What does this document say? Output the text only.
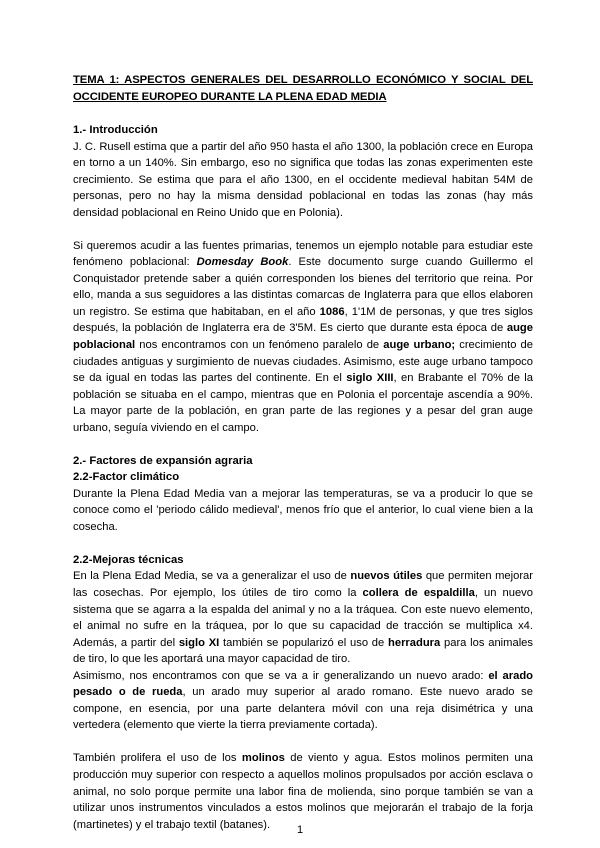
TEMA 1: ASPECTOS GENERALES DEL DESARROLLO ECONÓMICO Y SOCIAL DEL OCCIDENTE EUROPEO DURANTE LA PLENA EDAD MEDIA

1.- Introducción

J. C. Rusell estima que a partir del año 950 hasta el año 1300, la población crece en Europa en torno a un 140%. Sin embargo, eso no significa que todas las zonas experimenten este crecimiento. Se estima que para el año 1300, en el occidente medieval habitan 54M de personas, pero no hay la misma densidad poblacional en todas las zonas (hay más densidad poblacional en Reino Unido que en Polonia).

Si queremos acudir a las fuentes primarias, tenemos un ejemplo notable para estudiar este fenómeno poblacional: Domesday Book. Este documento surge cuando Guillermo el Conquistador pretende saber a quién corresponden los bienes del territorio que reina. Por ello, manda a sus seguidores a las distintas comarcas de Inglaterra para que ellos elaboren un registro. Se estima que habitaban, en el año 1086, 1'1M de personas, y que tres siglos después, la población de Inglaterra era de 3'5M. Es cierto que durante esta época de auge poblacional nos encontramos con un fenómeno paralelo de auge urbano; crecimiento de ciudades antiguas y surgimiento de nuevas ciudades. Asimismo, este auge urbano tampoco se da igual en todas las partes del continente. En el siglo XIII, en Brabante el 70% de la población se situaba en el campo, mientras que en Polonia el porcentaje ascendía a 90%. La mayor parte de la población, en gran parte de las regiones y a pesar del gran auge urbano, seguía viviendo en el campo.

2.- Factores de expansión agraria
2.2-Factor climático

Durante la Plena Edad Media van a mejorar las temperaturas, se va a producir lo que se conoce como el 'periodo cálido medieval', menos frío que el anterior, lo cual viene bien a la cosecha.

2.2-Mejoras técnicas

En la Plena Edad Media, se va a generalizar el uso de nuevos útiles que permiten mejorar las cosechas. Por ejemplo, los útiles de tiro como la collera de espaldilla, un nuevo sistema que se agarra a la espalda del animal y no a la tráquea. Con este nuevo elemento, el animal no sufre en la tráquea, por lo que su capacidad de tracción se multiplica x4. Además, a partir del siglo XI también se popularizó el uso de herradura para los animales de tiro, lo que les aportará una mayor capacidad de tiro.

Asimismo, nos encontramos con que se va a ir generalizando un nuevo arado: el arado pesado o de rueda, un arado muy superior al arado romano. Este nuevo arado se compone, en esencia, por una parte delantera móvil con una reja disimétrica y una vertedera (elemento que vierte la tierra previamente cortada).

También prolifera el uso de los molinos de viento y agua. Estos molinos permiten una producción muy superior con respecto a aquellos molinos propulsados por acción esclava o animal, no solo porque permite una labor fina de molienda, sino porque también se van a utilizar unos instrumentos vinculados a estos molinos que mejorarán el trabajo de la forja (martinetes) y el trabajo textil (batanes).	1
